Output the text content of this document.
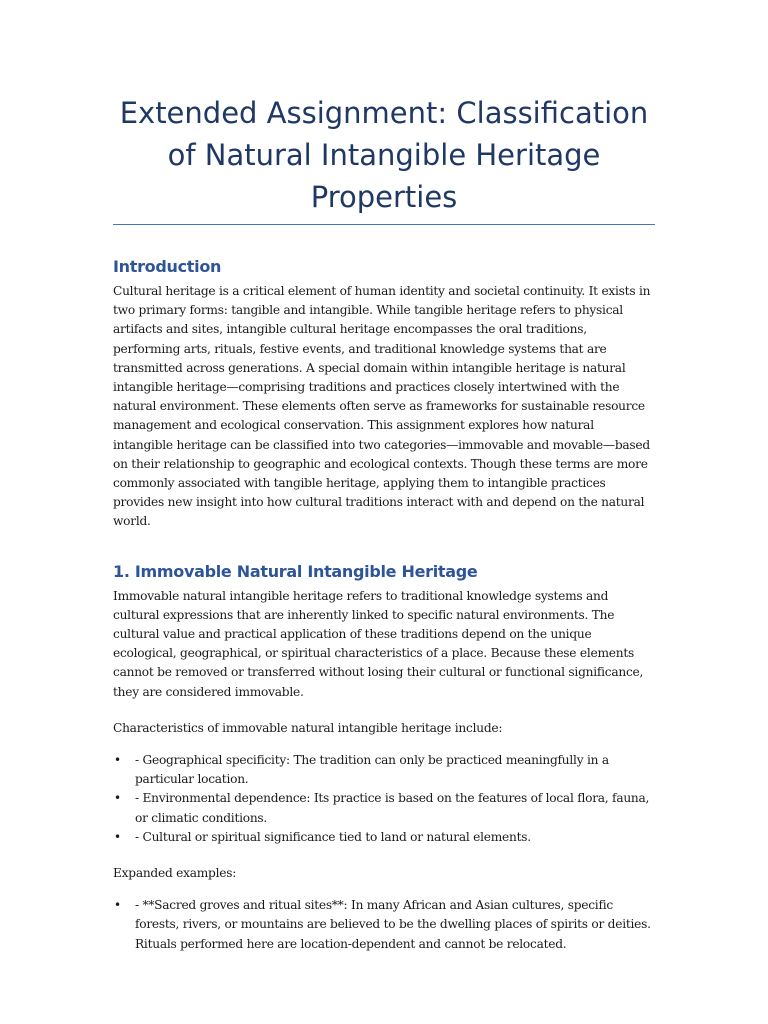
Extended Assignment: Classification of Natural Intangible Heritage Properties
Introduction

Cultural heritage is a critical element of human identity and societal continuity. It exists in two primary forms: tangible and intangible. While tangible heritage refers to physical artifacts and sites, intangible cultural heritage encompasses the oral traditions, performing arts, rituals, festive events, and traditional knowledge systems that are transmitted across generations. A special domain within intangible heritage is natural intangible heritage—comprising traditions and practices closely intertwined with the natural environment. These elements often serve as frameworks for sustainable resource management and ecological conservation. This assignment explores how natural intangible heritage can be classified into two categories—immovable and movable—based on their relationship to geographic and ecological contexts. Though these terms are more commonly associated with tangible heritage, applying them to intangible practices provides new insight into how cultural traditions interact with and depend on the natural world.

1. Immovable Natural Intangible Heritage

Immovable natural intangible heritage refers to traditional knowledge systems and cultural expressions that are inherently linked to specific natural environments. The cultural value and practical application of these traditions depend on the unique ecological, geographical, or spiritual characteristics of a place. Because these elements cannot be removed or transferred without losing their cultural or functional significance, they are considered immovable.

Characteristics of immovable natural intangible heritage include:

• - Geographical specificity: The tradition can only be practiced meaningfully in a particular location.
• - Environmental dependence: Its practice is based on the features of local flora, fauna, or climatic conditions.
• - Cultural or spiritual significance tied to land or natural elements.

Expanded examples:

• - **Sacred groves and ritual sites**: In many African and Asian cultures, specific forests, rivers, or mountains are believed to be the dwelling places of spirits or deities. Rituals performed here are location-dependent and cannot be relocated.
